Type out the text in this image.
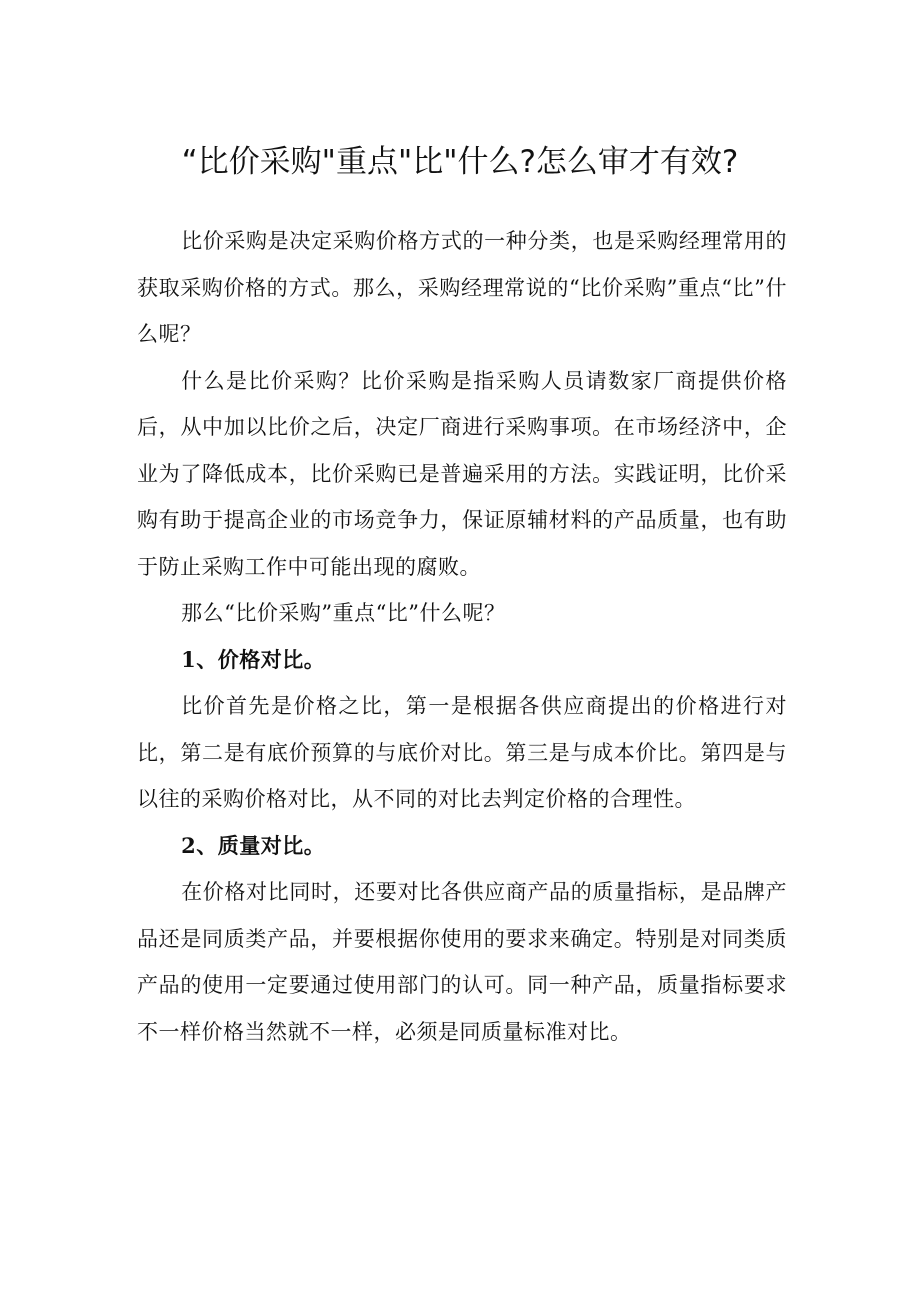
“比价采购"重点"比"什么?怎么审才有效?

比价采购是决定采购价格方式的一种分类，也是采购经理常用的获取采购价格的方式。那么，采购经理常说的“比价采购”重点“比”什么呢？

什么是比价采购？比价采购是指采购人员请数家厂商提供价格后，从中加以比价之后，决定厂商进行采购事项。在市场经济中，企业为了降低成本，比价采购已是普遍采用的方法。实践证明，比价采购有助于提高企业的市场竞争力，保证原辅材料的产品质量，也有助于防止采购工作中可能出现的腐败。

那么“比价采购”重点“比”什么呢？

1、价格对比。

比价首先是价格之比，第一是根据各供应商提出的价格进行对比，第二是有底价预算的与底价对比。第三是与成本价比。第四是与以往的采购价格对比，从不同的对比去判定价格的合理性。

2、质量对比。

在价格对比同时，还要对比各供应商产品的质量指标，是品牌产品还是同质类产品，并要根据你使用的要求来确定。特别是对同类质产品的使用一定要通过使用部门的认可。同一种产品，质量指标要求不一样价格当然就不一样，必须是同质量标准对比。
